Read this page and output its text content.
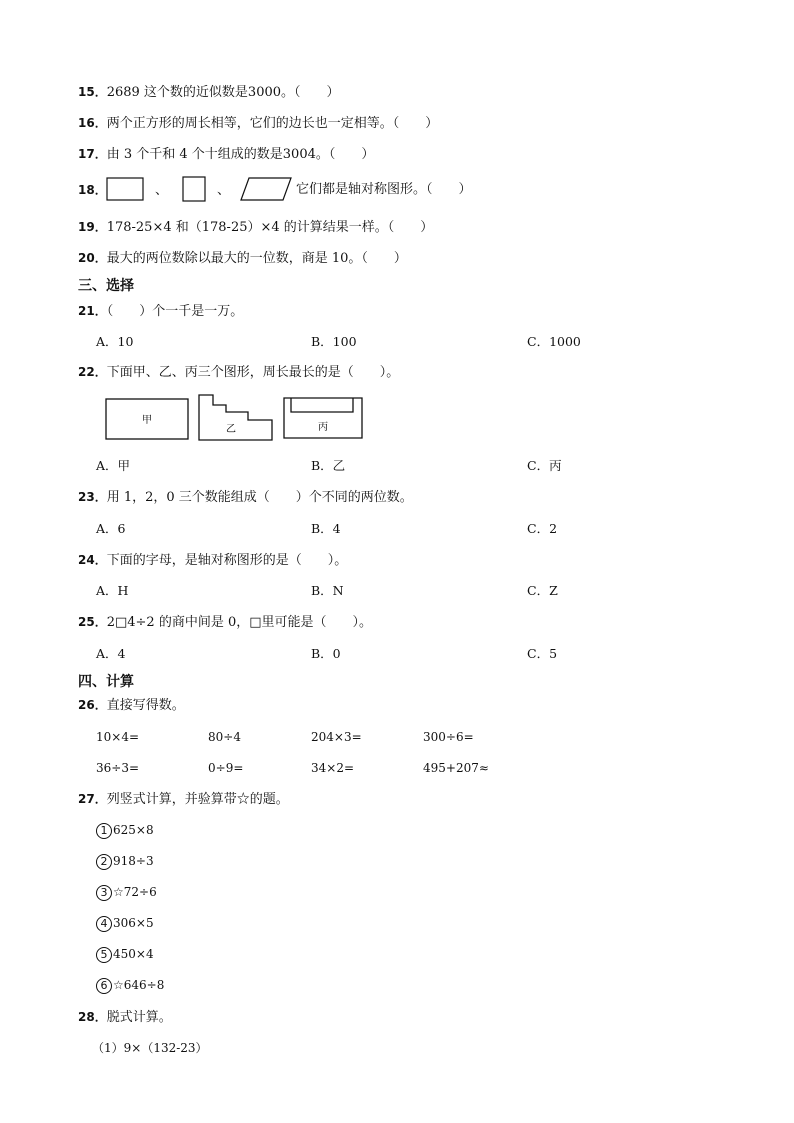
15．2689 这个数的近似数是3000。（　　）
16．两个正方形的周长相等，它们的边长也一定相等。（　　）
17．由 3 个千和 4 个十组成的数是3004。（　　）
18．	、	、	它们都是轴对称图形。（　　）
19．178-25×4 和（178-25）×4 的计算结果一样。（　　）
20．最大的两位数除以最大的一位数，商是 10。（　　）
三、选择
21．（　　）个一千是一万。
A．10	B．100	C．1000
22．下面甲、乙、丙三个图形，周长最长的是（　　）。
甲
乙	丙
A．甲	B．乙	C．丙
23．用 1，2，0 三个数能组成（　　）个不同的两位数。
A．6	B．4	C．2
24．下面的字母，是轴对称图形的是（　　）。
A．H	B．N	C．Z
25．2□4÷2 的商中间是 0，□里可能是（　　）。
A．4	B．0	C．5
四、计算
26．直接写得数。
10×4=	80÷4	204×3=	300÷6=
36÷3=	0÷9=	34×2=	495+207≈
27．列竖式计算，并验算带☆的题。
1 625×8
2 918÷3
3 ☆72÷6
4 306×5
5 450×4
6 ☆646÷8
28．脱式计算。
（1）9×（132-23）
